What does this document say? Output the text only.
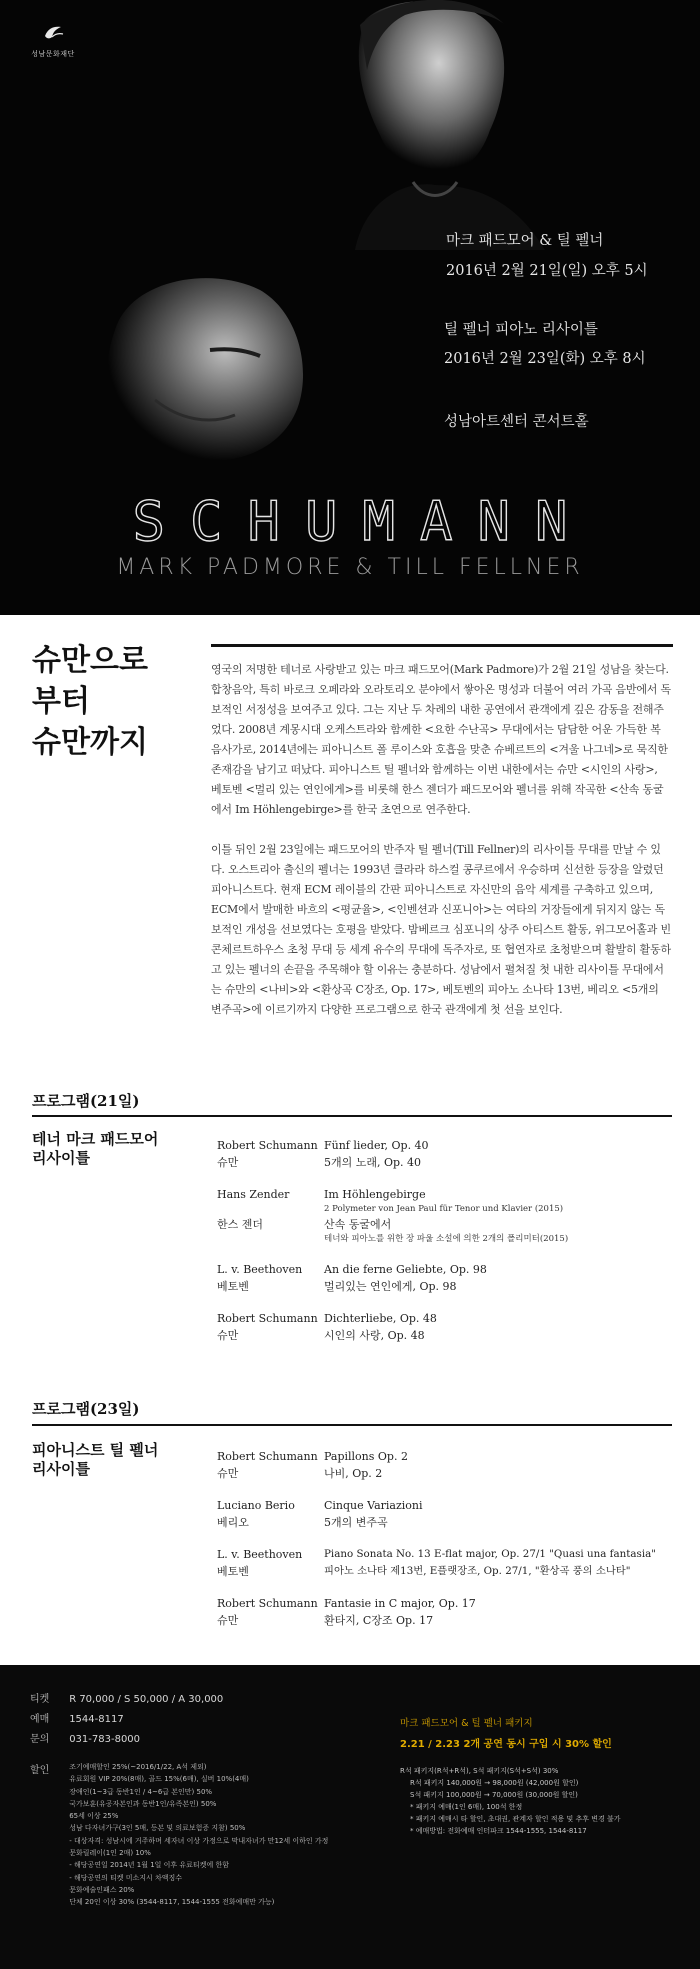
성남문화재단
마크 패드모어 & 틸 펠너
2016년 2월 21일(일) 오후 5시
틸 펠너 피아노 리사이틀
2016년 2월 23일(화) 오후 8시
성남아트센터 콘서트홀
SCHUMANN
MARK PADMORE & TILL FELLNER
슈만으로
부터
슈만까지

영국의 저명한 테너로 사랑받고 있는 마크 패드모어(Mark Padmore)가 2월 21일 성남을 찾는다. 합창음악, 특히 바로크 오페라와 오라토리오 분야에서 쌓아온 명성과 더불어 여러 가곡 음반에서 독보적인 서정성을 보여주고 있다. 그는 지난 두 차례의 내한 공연에서 관객에게 깊은 감동을 전해주었다. 2008년 계몽시대 오케스트라와 함께한 <요한 수난곡> 무대에서는 담담한 어운 가득한 복음사가로, 2014년에는 피아니스트 폴 루이스와 호흡을 맞춘 슈베르트의 <겨울 나그네>로 묵직한 존재감을 남기고 떠났다. 피아니스트 틸 펠너와 함께하는 이번 내한에서는 슈만 <시인의 사랑>, 베토벤 <멀리 있는 연인에게>를 비롯해 한스 젠더가 패드모어와 펠너를 위해 작곡한 <산속 동굴에서 Im Höhlengebirge>를 한국 초연으로 연주한다.

이틀 뒤인 2월 23일에는 패드모어의 반주자 틸 펠너(Till Fellner)의 리사이틀 무대를 만날 수 있다. 오스트리아 출신의 펠너는 1993년 클라라 하스컬 콩쿠르에서 우승하며 신선한 등장을 알렸던 피아니스트다. 현재 ECM 레이블의 간판 피아니스트로 자신만의 음악 세계를 구축하고 있으며, ECM에서 발매한 바흐의 <평균율>, <인벤션과 신포니아>는 여타의 거장들에게 뒤지지 않는 독보적인 개성을 선보였다는 호평을 받았다. 밤베르크 심포니의 상주 아티스트 활동, 위그모어홀과 빈 콘체르트하우스 초청 무대 등 세계 유수의 무대에 독주자로, 또 협연자로 초청받으며 활발히 활동하고 있는 펠너의 손끝을 주목해야 할 이유는 충분하다. 성남에서 펼쳐질 첫 내한 리사이틀 무대에서는 슈만의 <나비>와 <환상곡 C장조, Op. 17>, 베토벤의 피아노 소나타 13번, 베리오 <5개의 변주곡>에 이르기까지 다양한 프로그램으로 한국 관객에게 첫 선을 보인다.

프로그램(21일)
테너 마크 패드모어
리사이틀
Robert Schumann
슈만
Fünf lieder, Op. 40
5개의 노래, Op. 40
Hans Zender
한스 젠더
Im Höhlengebirge
2 Polymeter von Jean Paul für Tenor und Klavier (2015)
산속 동굴에서
테너와 피아노를 위한 장 파울 소설에 의한 2개의 폴리미터(2015)
L. v. Beethoven
베토벤
An die ferne Geliebte, Op. 98
멀리있는 연인에게, Op. 98
Robert Schumann
슈만
Dichterliebe, Op. 48
시인의 사랑, Op. 48
프로그램(23일)
피아니스트 틸 펠너
리사이틀
Robert Schumann
슈만
Papillons Op. 2
나비, Op. 2
Luciano Berio
베리오
Cinque Variazioni
5개의 변주곡
L. v. Beethoven
베토벤
Piano Sonata No. 13 E-flat major, Op. 27/1 "Quasi una fantasia"
피아노 소나타 제13번, E플랫장조, Op. 27/1, "환상곡 풍의 소나타"
Robert Schumann
슈만
Fantasie in C major, Op. 17
환타지, C장조 Op. 17
티켓 R 70,000 / S 50,000 / A 30,000
예매 1544-8117
문의 031-783-8000
할인	조기예매할인 25%(~2016/1/22, A석 제외)
유료회원 VIP 20%(8매), 골드 15%(6매), 실버 10%(4매)
장애인(1~3급 동반1인 / 4~6급 본인만) 50%
국가보훈(유공자본인과 동반1인/유족본인) 50%
65세 이상 25%
성남 다자녀가구(3인 5매, 등본 및 의료보험증 지참) 50%
- 대상자격: 성남시에 거주하며 세자녀 이상 가정으로 막내자녀가 만12세 이하인 가정
문화릴레이(1인 2매) 10%
- 해당공연일 2014년 1월 1일 이후 유료티켓에 한함
- 해당공연의 티켓 미소지시 차액징수
문화예술인패스 20%
단체 20인 이상 30% (3544-8117, 1544-1555 전화예매만 가능)
마크 패드모어 & 틸 펠너 패키지
2.21 / 2.23 2개 공연 동시 구입 시 30% 할인
R석 패키지(R석+R석), S석 패키지(S석+S석) 30%
R석 패키지 140,000원 → 98,000원 (42,000원 할인)
S석 패키지 100,000원 → 70,000원 (30,000원 할인)
* 패키지 예매(1인 6매), 100석 한정
* 패키지 예매시 타 할인, 초대권, 관계자 할인 적용 및 추후 변경 불가
* 예매방법: 전화예매 인터파크 1544-1555, 1544-8117
